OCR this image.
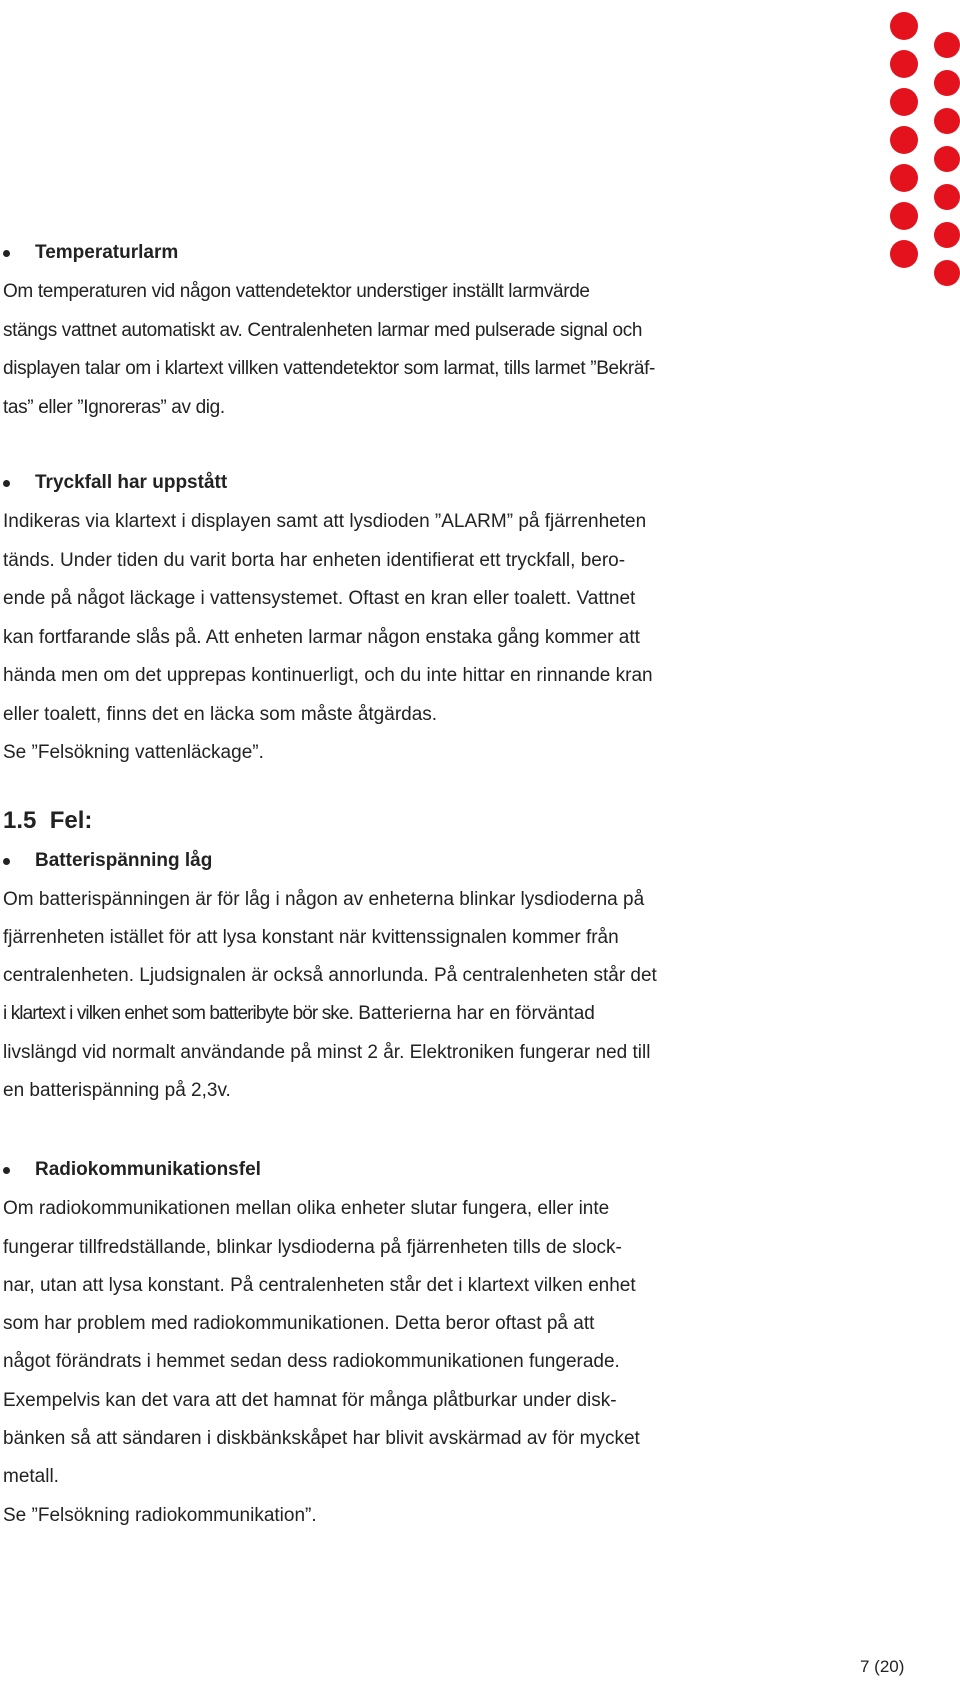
Temperaturlarm

Om temperaturen vid någon vattendetektor understiger inställt larmvärde
stängs vattnet automatiskt av. Centralenheten larmar med pulserade signal och
displayen talar om i klartext villken vattendetektor som larmat, tills larmet ”Bekräf-
tas” eller ”Ignoreras” av dig.

Tryckfall har uppstått

Indikeras via klartext i displayen samt att lysdioden ”ALARM” på fjärrenheten
tänds. Under tiden du varit borta har enheten identifierat ett tryckfall, bero-
ende på något läckage i vattensystemet. Oftast en kran eller toalett. Vattnet
kan fortfarande slås på. Att enheten larmar någon enstaka gång kommer att
hända men om det upprepas kontinuerligt, och du inte hittar en rinnande kran
eller toalett, finns det en läcka som måste åtgärdas.
Se ”Felsökning vattenläckage”.

1.5  Fel:
Batterispänning låg

Om batterispänningen är för låg i någon av enheterna blinkar lysdioderna på
fjärrenheten istället för att lysa konstant när kvittenssignalen kommer från
centralenheten. Ljudsignalen är också annorlunda. På centralenheten står det
i klartext i vilken enhet som batteribyte bör ske. Batterierna har en förväntad
livslängd vid normalt användande på minst 2 år. Elektroniken fungerar ned till
en batterispänning på 2,3v.

Radiokommunikationsfel

Om radiokommunikationen mellan olika enheter slutar fungera, eller inte
fungerar tillfredställande, blinkar lysdioderna på fjärrenheten tills de slock-
nar, utan att lysa konstant. På centralenheten står det i klartext vilken enhet
som har problem med radiokommunikationen. Detta beror oftast på att
något förändrats i hemmet sedan dess radiokommunikationen fungerade.
Exempelvis kan det vara att det hamnat för många plåtburkar under disk-
bänken så att sändaren i diskbänkskåpet har blivit avskärmad av för mycket
metall.
Se ”Felsökning radiokommunikation”.

7 (20)
